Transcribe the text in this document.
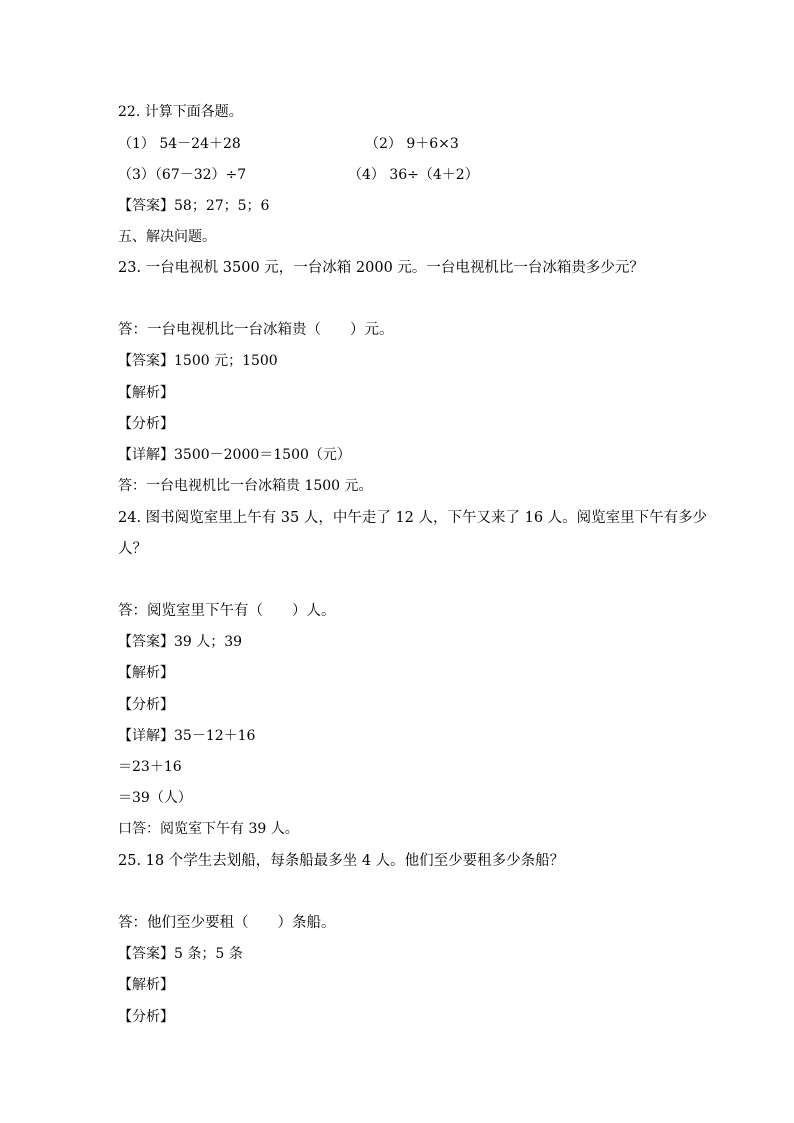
22. 计算下面各题。
（1） 54－24＋28	（2） 9＋6×3
（3）（67－32）÷7	（4） 36÷（4＋2）
【答案】58；27；5；6
五、解决问题。
23. 一台电视机 3500 元，一台冰箱 2000 元。一台电视机比一台冰箱贵多少元？
答：一台电视机比一台冰箱贵（　　）元。
【答案】1500 元；1500
【解析】
【分析】
【详解】3500－2000＝1500（元）
答：一台电视机比一台冰箱贵 1500 元。
24. 图书阅览室里上午有 35 人，中午走了 12 人，下午又来了 16 人。阅览室里下午有多少
人？
答：阅览室里下午有（　　）人。
【答案】39 人；39
【解析】
【分析】
【详解】35－12＋16
＝23＋16
＝39（人）
口答：阅览室下午有 39 人。
25. 18 个学生去划船，每条船最多坐 4 人。他们至少要租多少条船？
答：他们至少要租（　　）条船。
【答案】5 条；5 条
【解析】
【分析】
